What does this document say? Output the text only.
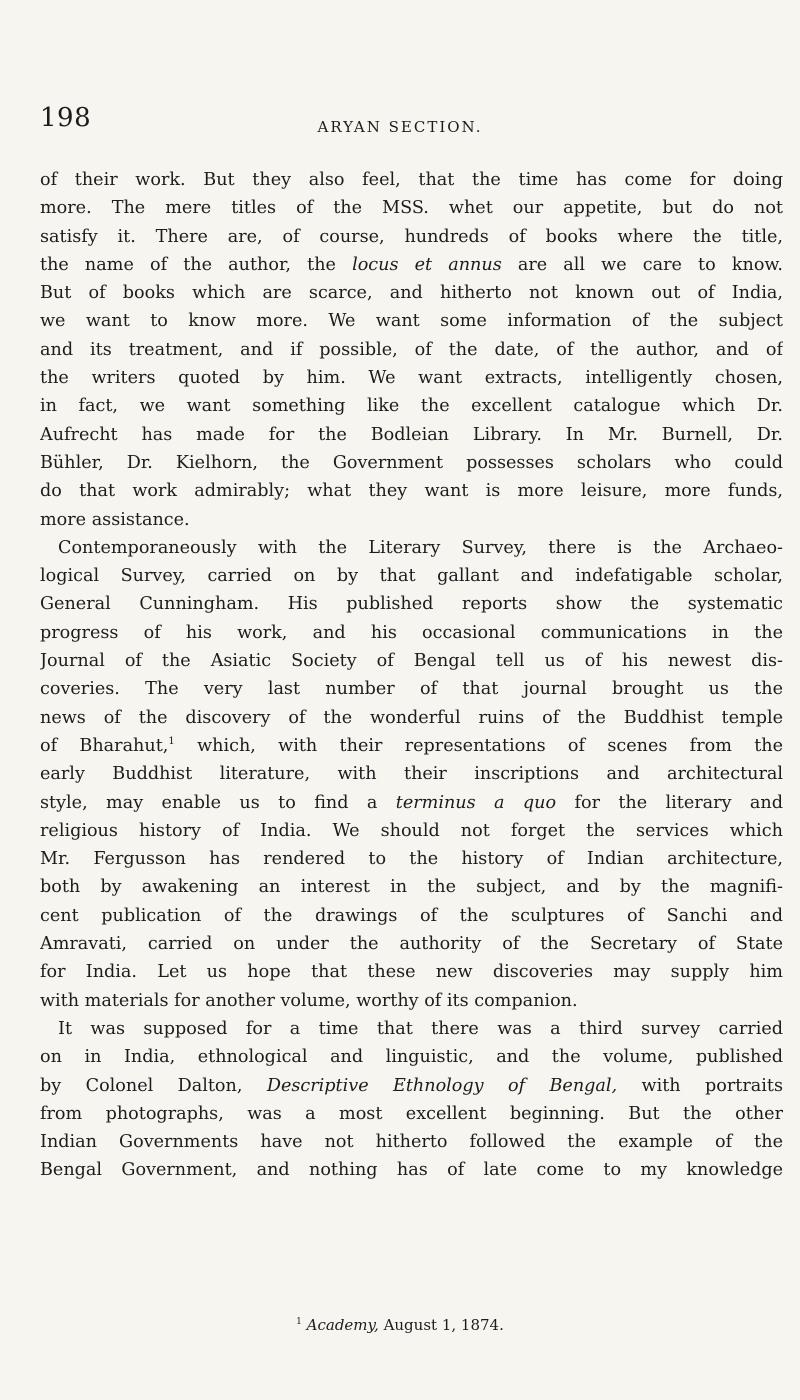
198	ARYAN SECTION.
of their work. But they also feel, that the time has come for doing
more. The mere titles of the MSS. whet our appetite, but do not
satisfy it. There are, of course, hundreds of books where the title,
the name of the author, the locus et annus are all we care to know.
But of books which are scarce, and hitherto not known out of India,
we want to know more. We want some information of the subject
and its treatment, and if possible, of the date, of the author, and of
the writers quoted by him. We want extracts, intelligently chosen,
in fact, we want something like the excellent catalogue which Dr.
Aufrecht has made for the Bodleian Library. In Mr. Burnell, Dr.
Bühler, Dr. Kielhorn, the Government possesses scholars who could
do that work admirably; what they want is more leisure, more funds,
more assistance.
Contemporaneously with the Literary Survey, there is the Archaeo-
logical Survey, carried on by that gallant and indefatigable scholar,
General Cunningham. His published reports show the systematic
progress of his work, and his occasional communications in the
Journal of the Asiatic Society of Bengal tell us of his newest dis-
coveries. The very last number of that journal brought us the
news of the discovery of the wonderful ruins of the Buddhist temple
of Bharahut,$^1$ which, with their representations of scenes from the
early Buddhist literature, with their inscriptions and architectural
style, may enable us to find a terminus a quo for the literary and
religious history of India. We should not forget the services which
Mr. Fergusson has rendered to the history of Indian architecture,
both by awakening an interest in the subject, and by the magnifi-
cent publication of the drawings of the sculptures of Sanchi and
Amravati, carried on under the authority of the Secretary of State
for India. Let us hope that these new discoveries may supply him
with materials for another volume, worthy of its companion.
It was supposed for a time that there was a third survey carried
on in India, ethnological and linguistic, and the volume, published
by Colonel Dalton, Descriptive Ethnology of Bengal, with portraits
from photographs, was a most excellent beginning. But the other
Indian Governments have not hitherto followed the example of the
Bengal Government, and nothing has of late come to my knowledge
$^1$ Academy, August 1, 1874.
